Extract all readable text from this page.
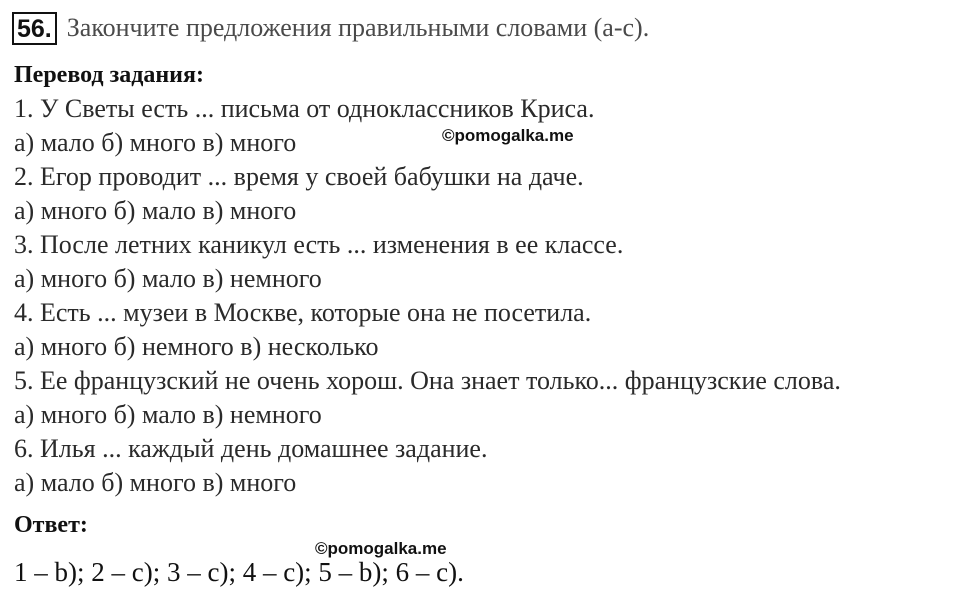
56. Закончите предложения правильными словами (a-c).
Перевод задания:
1. У Светы есть ... письма от одноклассников Криса.
а) мало б) много в) много
2. Егор проводит ... время у своей бабушки на даче.
а) много б) мало в) много
3. После летних каникул есть ... изменения в ее классе.
а) много б) мало в) немного
4. Есть ... музеи в Москве, которые она не посетила.
а) много б) немного в) несколько
5. Ее французский не очень хорош. Она знает только... французские слова.
а) много б) мало в) немного
6. Илья ... каждый день домашнее задание.
а) мало б) много в) много
Ответ:
1 – b); 2 – c); 3 – c); 4 – c); 5 – b); 6 – c).
©pomogalka.me
©pomogalka.me
